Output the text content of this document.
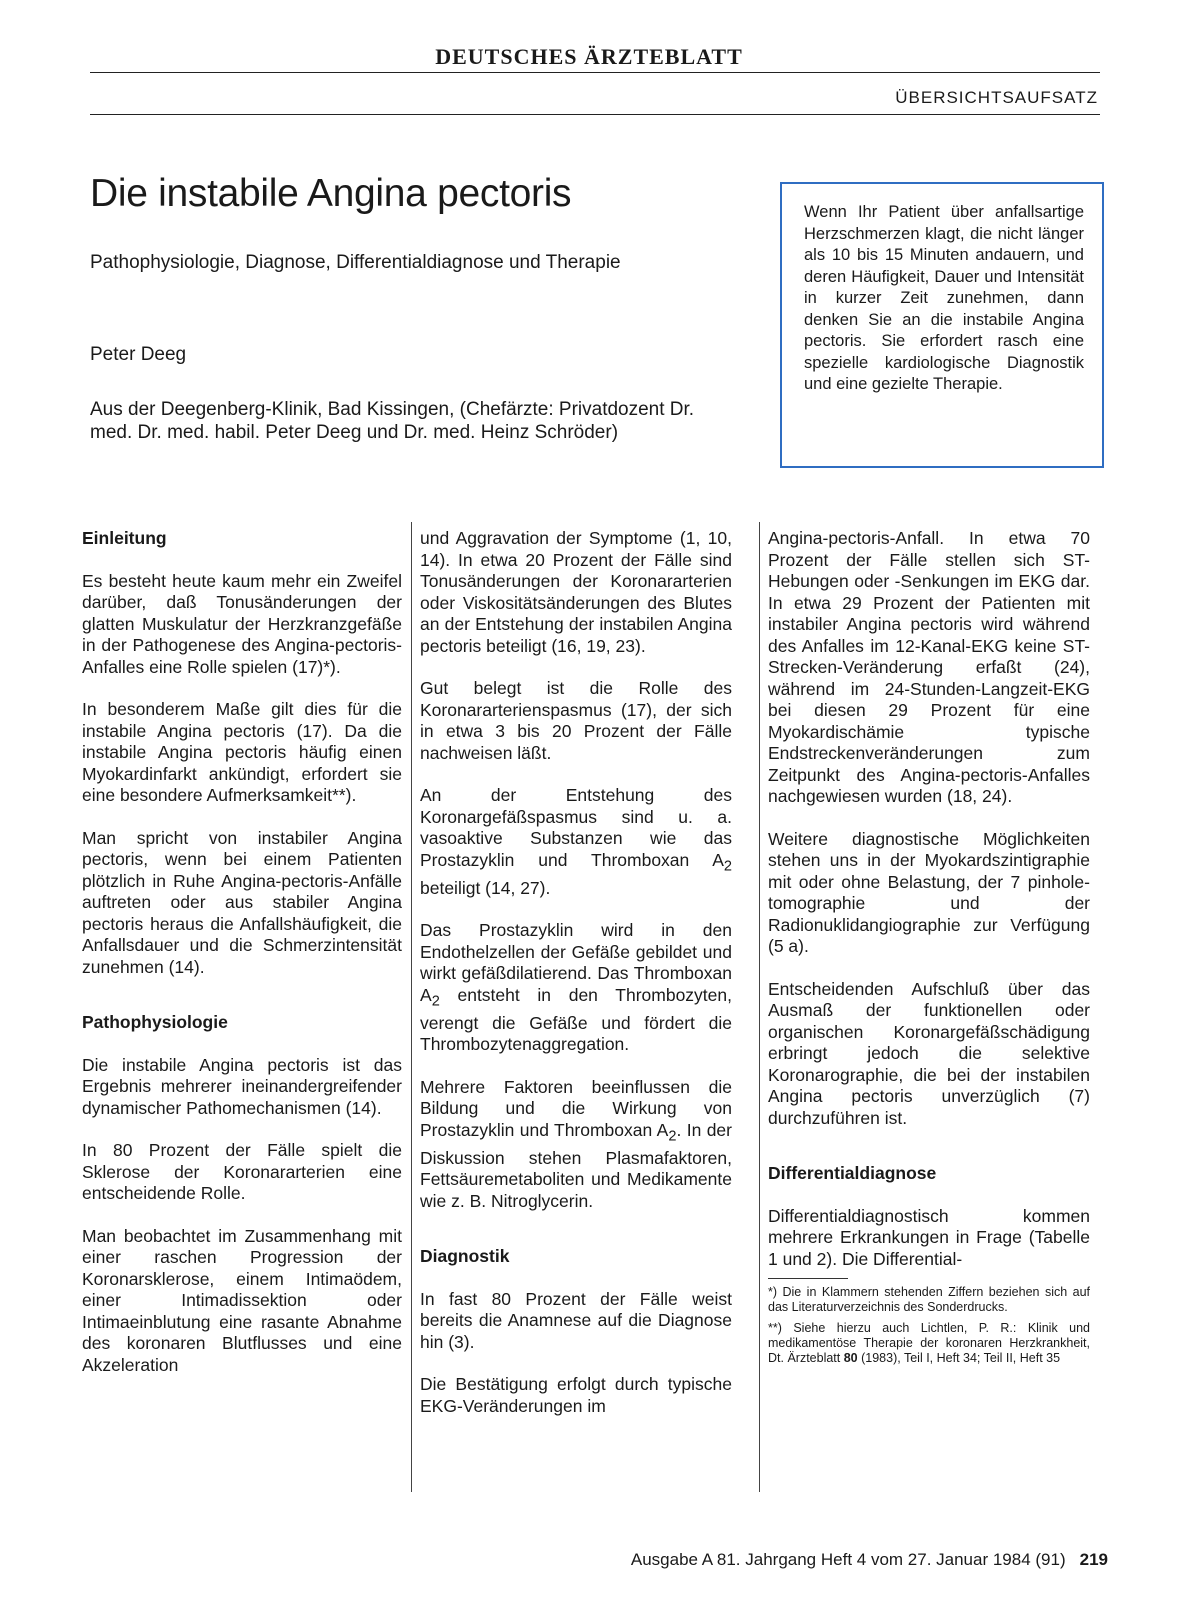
DEUTSCHES ÄRZTEBLATT
ÜBERSICHTSAUFSATZ
Die instabile Angina pectoris
Pathophysiologie, Diagnose, Differentialdiagnose und Therapie
Peter Deeg
Aus der Deegenberg-Klinik, Bad Kissingen, (Chefärzte: Privatdozent Dr. med. Dr. med. habil. Peter Deeg und Dr. med. Heinz Schröder)
Wenn Ihr Patient über anfallsartige Herzschmerzen klagt, die nicht länger als 10 bis 15 Minuten andauern, und deren Häufigkeit, Dauer und Intensität in kurzer Zeit zunehmen, dann denken Sie an die instabile Angina pectoris. Sie erfordert rasch eine spezielle kardiologische Diagnostik und eine gezielte Therapie.
Einleitung

Es besteht heute kaum mehr ein Zweifel darüber, daß Tonusänderungen der glatten Muskulatur der Herzkranzgefäße in der Pathogenese des Angina-pectoris-Anfalles eine Rolle spielen (17)*).

In besonderem Maße gilt dies für die instabile Angina pectoris (17). Da die instabile Angina pectoris häufig einen Myokardinfarkt ankündigt, erfordert sie eine besondere Aufmerksamkeit**).

Man spricht von instabiler Angina pectoris, wenn bei einem Patienten plötzlich in Ruhe Angina-pectoris-Anfälle auftreten oder aus stabiler Angina pectoris heraus die Anfallshäufigkeit, die Anfallsdauer und die Schmerzintensität zunehmen (14).

Pathophysiologie

Die instabile Angina pectoris ist das Ergebnis mehrerer ineinandergreifender dynamischer Pathomechanismen (14).

In 80 Prozent der Fälle spielt die Sklerose der Koronararterien eine entscheidende Rolle.

Man beobachtet im Zusammenhang mit einer raschen Progression der Koronarsklerose, einem Intimaödem, einer Intimadissektion oder Intimaeinblutung eine rasante Abnahme des koronaren Blutflusses und eine Akzeleration

und Aggravation der Symptome (1, 10, 14). In etwa 20 Prozent der Fälle sind Tonusänderungen der Koronararterien oder Viskositätsänderungen des Blutes an der Entstehung der instabilen Angina pectoris beteiligt (16, 19, 23).

Gut belegt ist die Rolle des Koronararterienspasmus (17), der sich in etwa 3 bis 20 Prozent der Fälle nachweisen läßt.

An der Entstehung des Koronargefäßspasmus sind u. a. vasoaktive Substanzen wie das Prostazyklin und Thromboxan $A_2$ beteiligt (14, 27).

Das Prostazyklin wird in den Endothelzellen der Gefäße gebildet und wirkt gefäßdilatierend. Das Thromboxan $A_2$ entsteht in den Thrombozyten, verengt die Gefäße und fördert die Thrombozytenaggregation.

Mehrere Faktoren beeinflussen die Bildung und die Wirkung von Prostazyklin und Thromboxan $A_2$. In der Diskussion stehen Plasmafaktoren, Fettsäuremetaboliten und Medikamente wie z. B. Nitroglycerin.

Diagnostik

In fast 80 Prozent der Fälle weist bereits die Anamnese auf die Diagnose hin (3).

Die Bestätigung erfolgt durch typische EKG-Veränderungen im

Angina-pectoris-Anfall. In etwa 70 Prozent der Fälle stellen sich ST-Hebungen oder -Senkungen im EKG dar. In etwa 29 Prozent der Patienten mit instabiler Angina pectoris wird während des Anfalles im 12-Kanal-EKG keine ST-Strecken-Veränderung erfaßt (24), während im 24-Stunden-Langzeit-EKG bei diesen 29 Prozent für eine Myokardischämie typische Endstreckenveränderungen zum Zeitpunkt des Angina-pectoris-Anfalles nachgewiesen wurden (18, 24).

Weitere diagnostische Möglichkeiten stehen uns in der Myokardszintigraphie mit oder ohne Belastung, der 7 pinhole-tomographie und der Radionuklidangiographie zur Verfügung (5 a).

Entscheidenden Aufschluß über das Ausmaß der funktionellen oder organischen Koronargefäßschädigung erbringt jedoch die selektive Koronarographie, die bei der instabilen Angina pectoris unverzüglich (7) durchzuführen ist.

Differentialdiagnose

Differentialdiagnostisch kommen mehrere Erkrankungen in Frage (Tabelle 1 und 2). Die Differential-

*) Die in Klammern stehenden Ziffern beziehen sich auf das Literaturverzeichnis des Sonderdrucks.

**) Siehe hierzu auch Lichtlen, P. R.: Klinik und medikamentöse Therapie der koronaren Herzkrankheit, Dt. Ärzteblatt 80 (1983), Teil I, Heft 34; Teil II, Heft 35

Ausgabe A 81. Jahrgang Heft 4 vom 27. Januar 1984 (91) 219
